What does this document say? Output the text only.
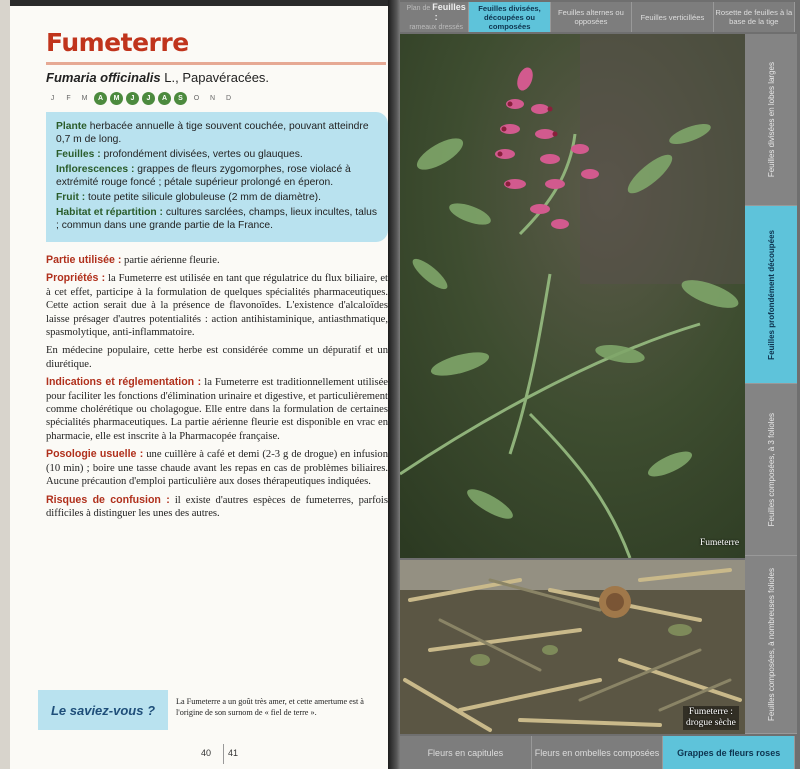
Fumeterre
Fumaria officinalis L., Papavéracées.
J	F	M	A	M	J	J	A	S	O	N	D

Plante herbacée annuelle à tige souvent couchée, pouvant atteindre 0,7 m de long.

Feuilles : profondément divisées, vertes ou glauques.

Inflorescences : grappes de fleurs zygomorphes, rose violacé à extrémité rouge foncé ; pétale supérieur prolongé en éperon.

Fruit : toute petite silicule globuleuse (2 mm de diamètre).

Habitat et répartition : cultures sarclées, champs, lieux incultes, talus ; commun dans une grande partie de la France.

Partie utilisée : partie aérienne fleurie.

Propriétés : la Fumeterre est utilisée en tant que régulatrice du flux biliaire, et à cet effet, participe à la formulation de quelques spécialités pharmaceutiques. Cette action serait due à la présence de flavonoïdes. L'existence d'alcaloïdes laisse présager d'autres potentialités : action antihistaminique, antiasthmatique, spasmolytique, anti-inflammatoire.

En médecine populaire, cette herbe est considérée comme un dépuratif et un diurétique.

Indications et réglementation : la Fumeterre est traditionnellement utilisée pour faciliter les fonctions d'élimination urinaire et digestive, et particulièrement comme cholérétique ou cholagogue. Elle entre dans la formulation de certaines spécialités pharmaceutiques. La partie aérienne fleurie est disponible en vrac en pharmacie, elle est inscrite à la Pharmacopée française.

Posologie usuelle : une cuillère à café et demi (2-3 g de drogue) en infusion (10 min) ; boire une tasse chaude avant les repas en cas de problèmes biliaires. Aucune précaution d'emploi particulière aux doses thérapeutiques indiquées.

Risques de confusion : il existe d'autres espèces de fumeterres, parfois difficiles à distinguer les unes des autres.

Le saviez-vous ?
La Fumeterre a un goût très amer, et cette amertume est à l'origine de son surnom de « fiel de terre ».
40 41
Plan de Feuilles :
rameaux dressés
Feuilles divisées, découpées ou composées
Feuilles alternes ou opposées	Feuilles verticillées	Rosette de feuilles à la base de la tige
Fumeterre
Fumeterre :
drogue sèche
Feuilles divisées en lobes larges
Feuilles profondément découpées
Feuilles composées, à 3 folioles
Feuilles composées, à nombreuses folioles
Fleurs en capitules	Fleurs en ombelles composées	Grappes de fleurs roses
